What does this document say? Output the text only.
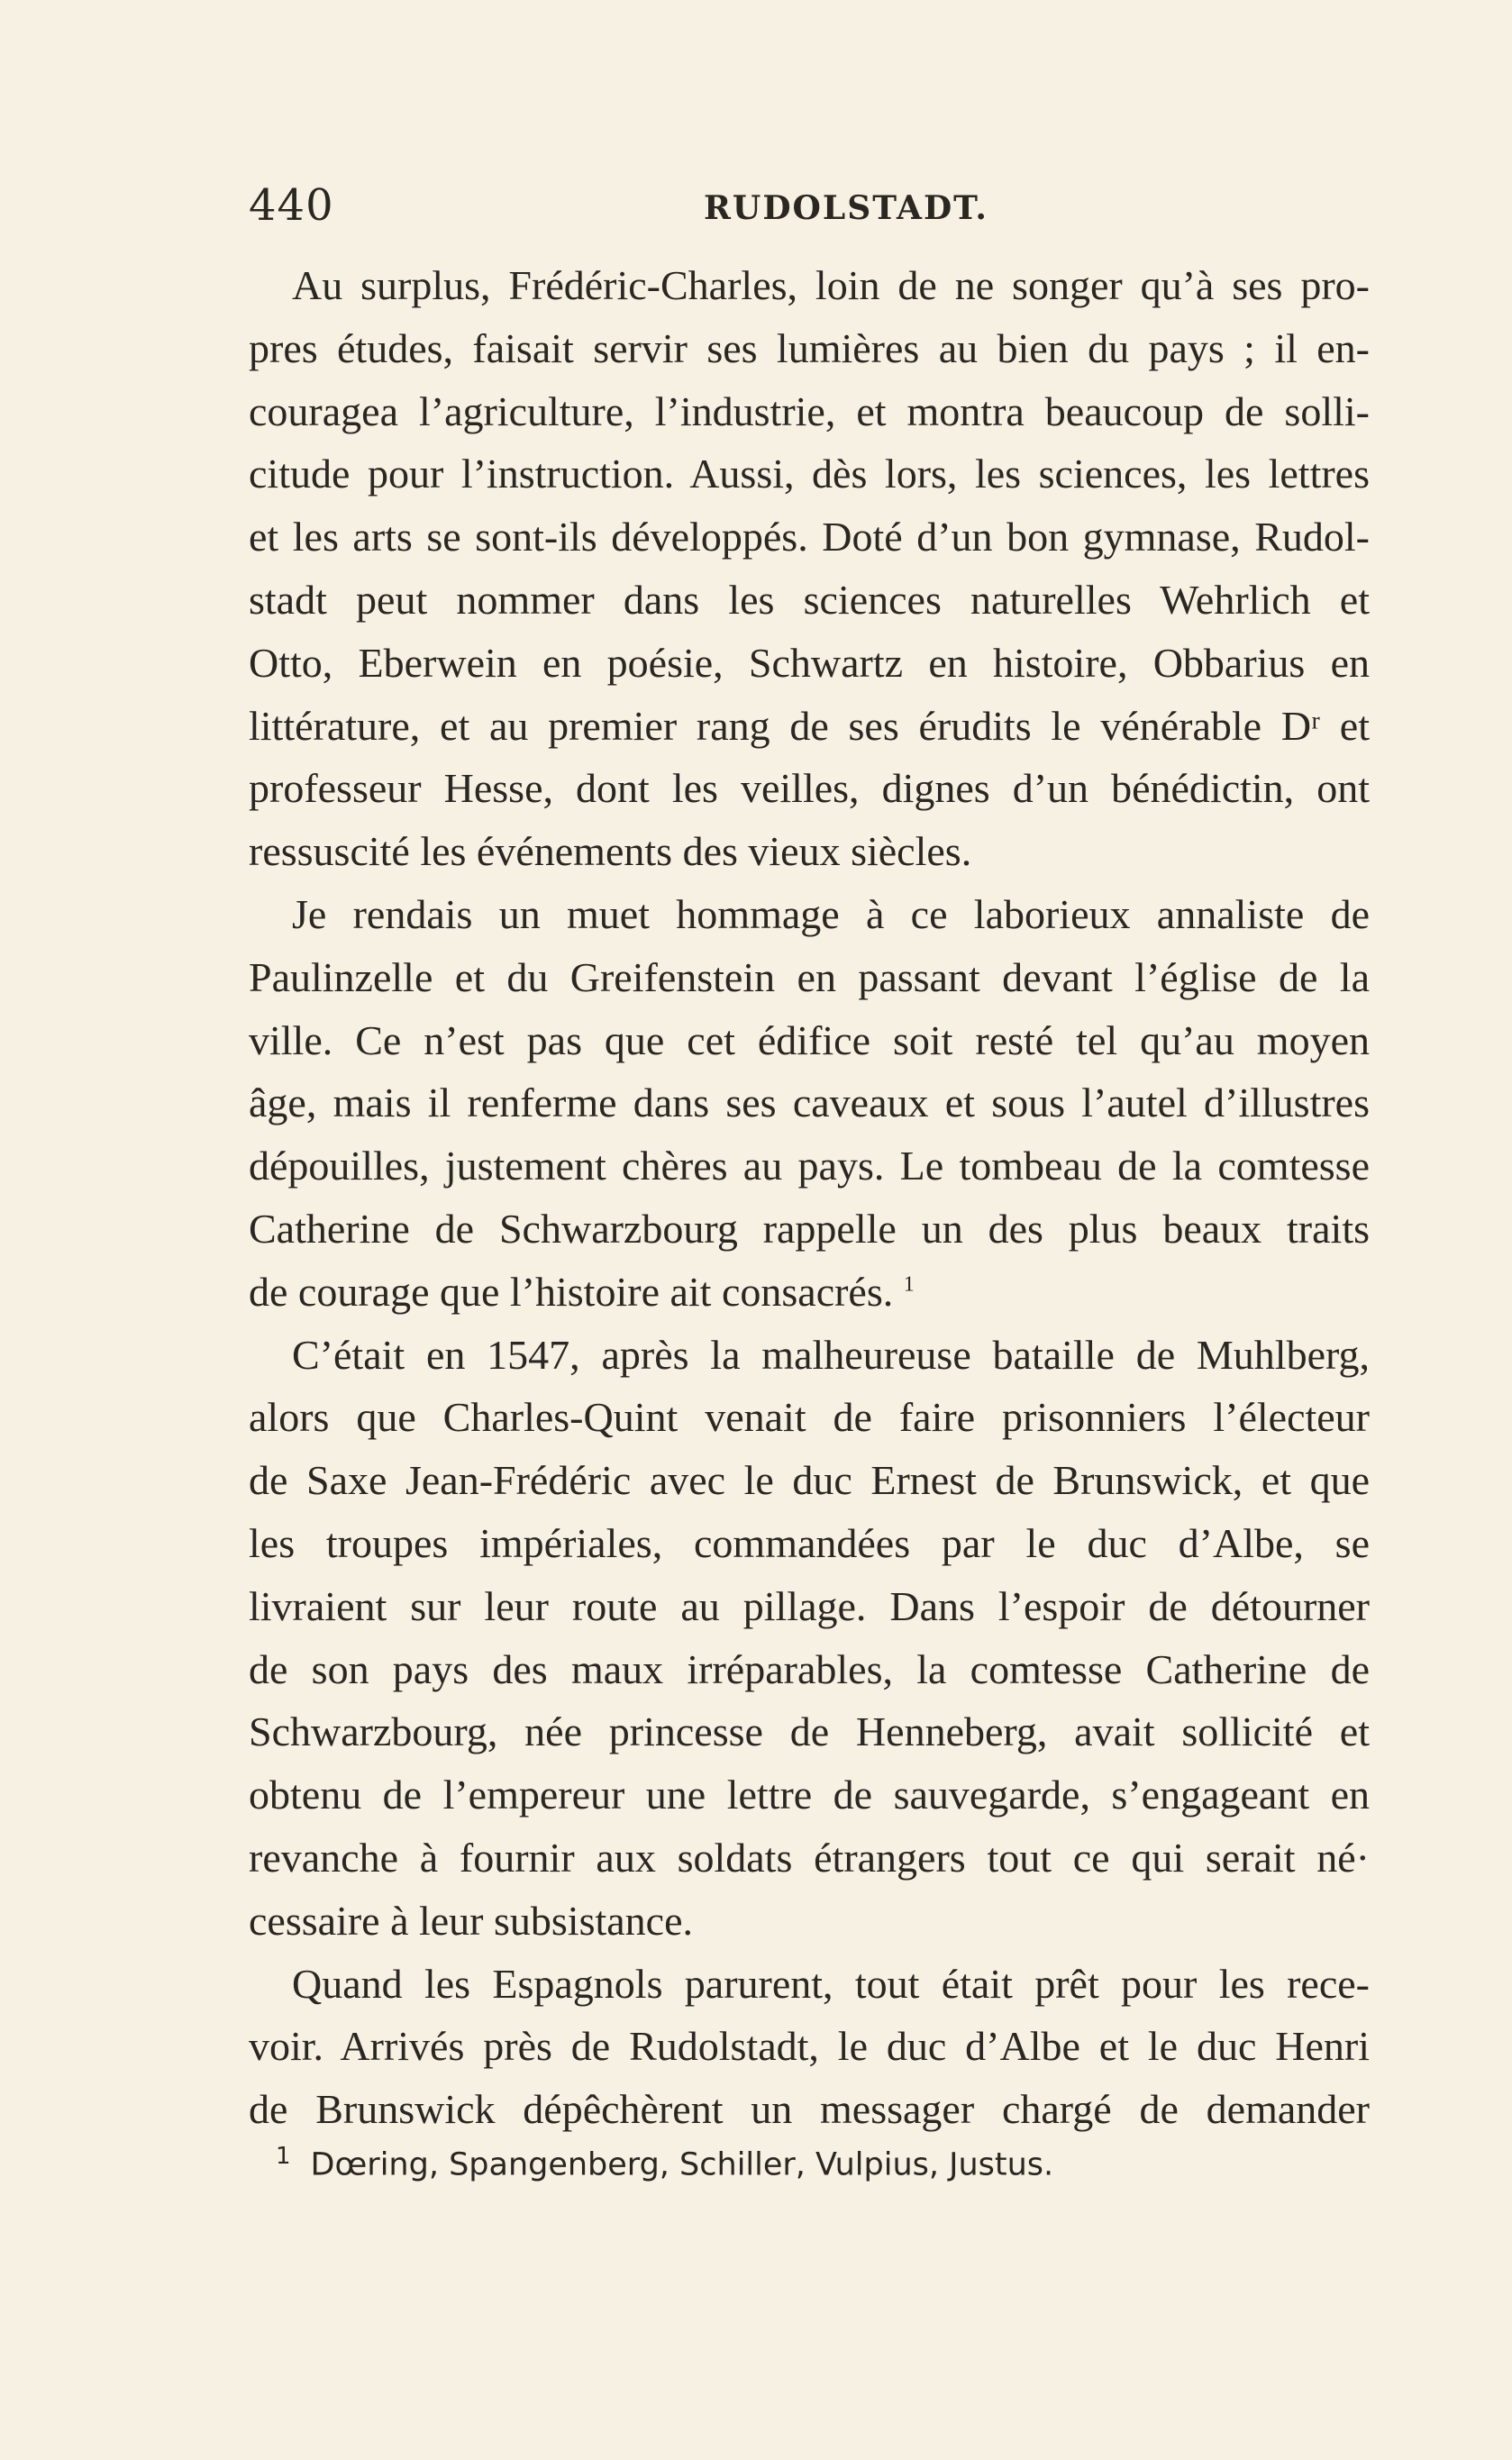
440	RUDOLSTADT.
Au surplus, Frédéric-Charles, loin de ne songer qu’à ses pro-
pres études, faisait servir ses lumières au bien du pays ; il en-
couragea l’agriculture, l’industrie, et montra beaucoup de solli-
citude pour l’instruction. Aussi, dès lors, les sciences, les lettres
et les arts se sont-ils développés. Doté d’un bon gymnase, Rudol-
stadt peut nommer dans les sciences naturelles Wehrlich et
Otto, Eberwein en poésie, Schwartz en histoire, Obbarius en
littérature, et au premier rang de ses érudits le vénérable Dʳ et
professeur Hesse, dont les veilles, dignes d’un bénédictin, ont
ressuscité les événements des vieux siècles.
Je rendais un muet hommage à ce laborieux annaliste de
Paulinzelle et du Greifenstein en passant devant l’église de la
ville. Ce n’est pas que cet édifice soit resté tel qu’au moyen
âge, mais il renferme dans ses caveaux et sous l’autel d’illustres
dépouilles, justement chères au pays. Le tombeau de la comtesse
Catherine de Schwarzbourg rappelle un des plus beaux traits
de courage que l’histoire ait consacrés. $^1$
C’était en 1547, après la malheureuse bataille de Muhlberg,
alors que Charles-Quint venait de faire prisonniers l’électeur
de Saxe Jean-Frédéric avec le duc Ernest de Brunswick, et que
les troupes impériales, commandées par le duc d’Albe, se
livraient sur leur route au pillage. Dans l’espoir de détourner
de son pays des maux irréparables, la comtesse Catherine de
Schwarzbourg, née princesse de Henneberg, avait sollicité et
obtenu de l’empereur une lettre de sauvegarde, s’engageant en
revanche à fournir aux soldats étrangers tout ce qui serait né·
cessaire à leur subsistance.
Quand les Espagnols parurent, tout était prêt pour les rece-
voir. Arrivés près de Rudolstadt, le duc d’Albe et le duc Henri
de Brunswick dépêchèrent un messager chargé de demander
$^1$ Dœring, Spangenberg, Schiller, Vulpius, Justus.
